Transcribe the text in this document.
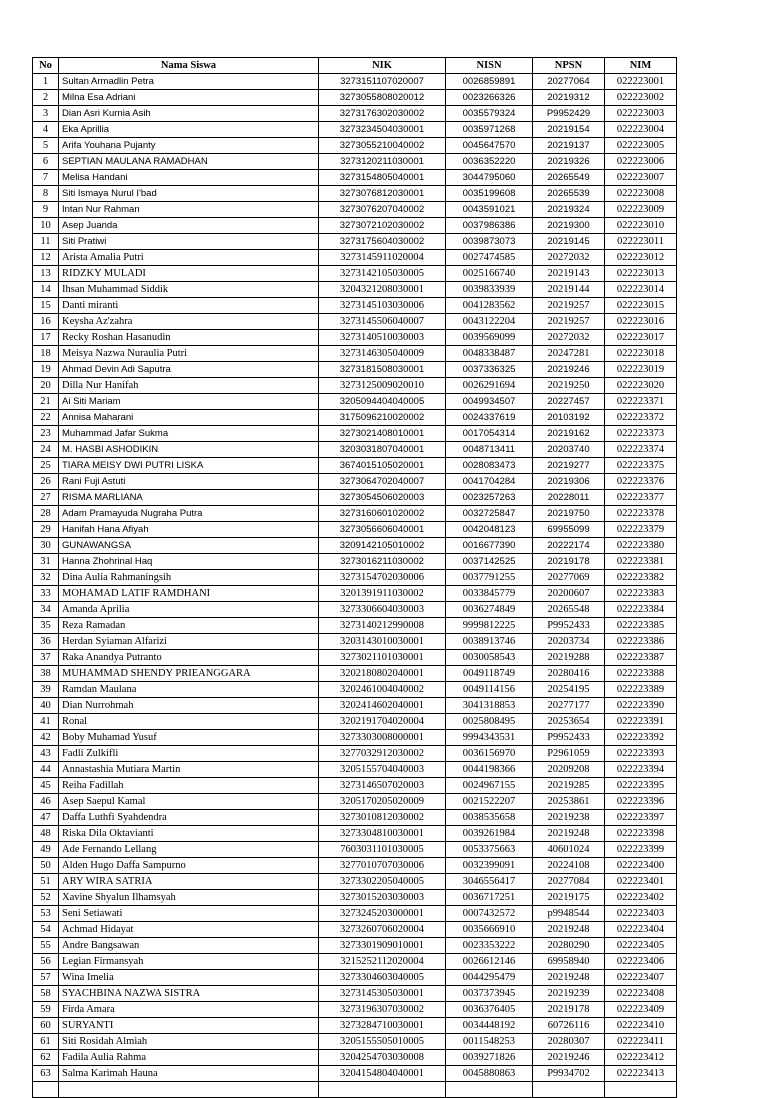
No	Nama Siswa	NIK	NISN	NPSN	NIM
1	Sultan Armadlin Petra	3273151107020007	0026859891	20277064	022223001
2	Milna Esa Adriani	3273055808020012	0023266326	20219312	022223002
3	Dian Asri Kurnia Asih	3273176302030002	0035579324	P9952429	022223003
4	Eka Aprillia	3273234504030001	0035971268	20219154	022223004
5	Arifa Youhana Pujanty	3273055210040002	0045647570	20219137	022223005
6	SEPTIAN MAULANA RAMADHAN	3273120211030001	0036352220	20219326	022223006
7	Melisa Handani	3273154805040001	3044795060	20265549	022223007
8	Siti Ismaya Nurul I'bad	3273076812030001	0035199608	20265539	022223008
9	Intan Nur Rahman	3273076207040002	0043591021	20219324	022223009
10	Asep Juanda	3273072102030002	0037986386	20219300	022223010
11	Siti Pratiwi	3273175604030002	0039873073	20219145	022223011
12	Arista Amalia Putri	3273145911020004	0027474585	20272032	022223012
13	RIDZKY MULADI	3273142105030005	0025166740	20219143	022223013
14	Ihsan Muhammad Siddik	3204321208030001	0039833939	20219144	022223014
15	Danti miranti	3273145103030006	0041283562	20219257	022223015
16	Keysha Az'zahra	3273145506040007	0043122204	20219257	022223016
17	Recky Roshan Hasanudin	3273140510030003	0039569099	20272032	022223017
18	Meisya Nazwa Nuraulia Putri	3273146305040009	0048338487	20247281	022223018
19	Ahmad Devin Adi Saputra	3273181508030001	0037336325	20219246	022223019
20	Dilla Nur Hanifah	3273125009020010	0026291694	20219250	022223020
21	Ai Siti Mariam	3205094404040005	0049934507	20227457	022223371
22	Annisa Maharani	3175096210020002	0024337619	20103192	022223372
23	Muhammad Jafar Sukma	3273021408010001	0017054314	20219162	022223373
24	M. HASBI ASHODIKIN	3203031807040001	0048713411	20203740	022223374
25	TIARA MEISY DWI PUTRI LISKA	3674015105020001	0028083473	20219277	022223375
26	Rani Fuji Astuti	3273064702040007	0041704284	20219306	022223376
27	RISMA MARLIANA	3273054506020003	0023257263	20228011	022223377
28	Adam Pramayuda Nugraha Putra	3273160601020002	0032725847	20219750	022223378
29	Hanifah Hana Afiyah	3273056606040001	0042048123	69955099	022223379
30	GUNAWANGSA	3209142105010002	0016677390	20222174	022223380
31	Hanna Zhohrinal Haq	3273016211030002	0037142525	20219178	022223381
32	Dina Aulia Rahmaningsih	3273154702030006	0037791255	20277069	022223382
33	MOHAMAD LATIF RAMDHANI	3201391911030002	0033845779	20200607	022223383
34	Amanda Aprilia	3273306604030003	0036274849	20265548	022223384
35	Reza Ramadan	3273140212990008	9999812225	P9952433	022223385
36	Herdan Syiaman Alfarizi	3203143010030001	0038913746	20203734	022223386
37	Raka Anandya Putranto	3273021101030001	0030058543	20219288	022223387
38	MUHAMMAD SHENDY PRIEANGGARA	3202180802040001	0049118749	20280416	022223388
39	Ramdan Maulana	3202461004040002	0049114156	20254195	022223389
40	Dian Nurrohmah	3202414602040001	3041318853	20277177	022223390
41	Ronal	3202191704020004	0025808495	20253654	022223391
42	Boby Muhamad Yusuf	3273303008000001	9994343531	P9952433	022223392
43	Fadli Zulkifli	3277032912030002	0036156970	P2961059	022223393
44	Annastashia Mutiara Martin	3205155704040003	0044198366	20209208	022223394
45	Reiha Fadillah	3273146507020003	0024967155	20219285	022223395
46	Asep Saepul Kamal	3205170205020009	0021522207	20253861	022223396
47	Daffa Luthfi Syahdendra	3273010812030002	0038535658	20219238	022223397
48	Riska Dila Oktavianti	3273304810030001	0039261984	20219248	022223398
49	Ade Fernando Lellang	7603031101030005	0053375663	40601024	022223399
50	Alden Hugo Daffa Sampurno	3277010707030006	0032399091	20224108	022223400
51	ARY WIRA SATRIA	3273302205040005	3046556417	20277084	022223401
52	Xavine Shyalun Ilhamsyah	3273015203030003	0036717251	20219175	022223402
53	Seni Setiawati	3273245203000001	0007432572	p9948544	022223403
54	Achmad Hidayat	3273260706020004	0035666910	20219248	022223404
55	Andre Bangsawan	3273301909010001	0023353222	20280290	022223405
56	Legian Firmansyah	3215252112020004	0026612146	69958940	022223406
57	Wina Imelia	3273304603040005	0044295479	20219248	022223407
58	SYACHBINA NAZWA SISTRA	3273145305030001	0037373945	20219239	022223408
59	Firda Amara	3273196307030002	0036376405	20219178	022223409
60	SURYANTI	3273284710030001	0034448192	60726116	022223410
61	Siti Rosidah Almiah	3205155505010005	0011548253	20280307	022223411
62	Fadila Aulia Rahma	3204254703030008	0039271826	20219246	022223412
63	Salma Karimah Hauna	3204154804040001	0045880863	P9934702	022223413
